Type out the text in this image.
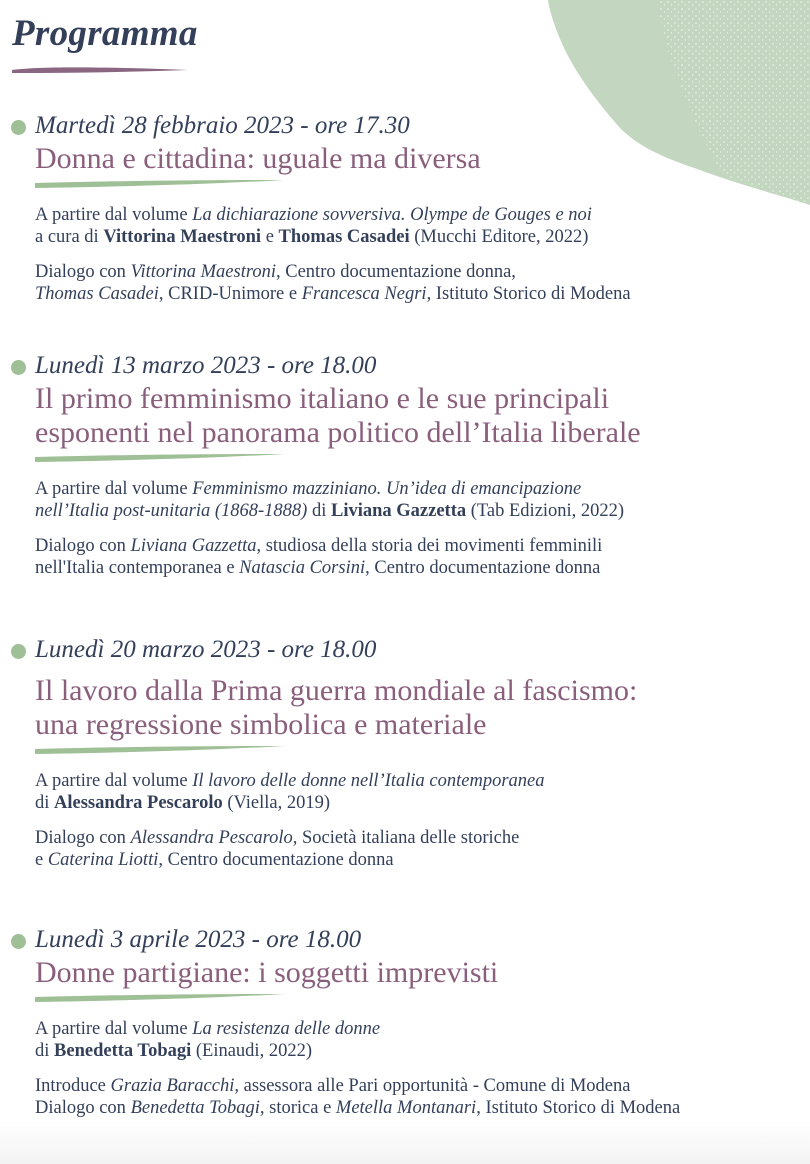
Programma
Martedì 28 febbraio 2023 - ore 17.30
Donna e cittadina: uguale ma diversa
A partire dal volume La dichiarazione sovversiva. Olympe de Gouges e noi
a cura di Vittorina Maestroni e Thomas Casadei (Mucchi Editore, 2022)
Dialogo con Vittorina Maestroni, Centro documentazione donna,
Thomas Casadei, CRID-Unimore e Francesca Negri, Istituto Storico di Modena
Lunedì 13 marzo 2023 - ore 18.00
Il primo femminismo italiano e le sue principali
esponenti nel panorama politico dell’Italia liberale
A partire dal volume Femminismo mazziniano. Un’idea di emancipazione
nell’Italia post-unitaria (1868-1888) di Liviana Gazzetta (Tab Edizioni, 2022)
Dialogo con Liviana Gazzetta, studiosa della storia dei movimenti femminili
nell'Italia contemporanea e Natascia Corsini, Centro documentazione donna
Lunedì 20 marzo 2023 - ore 18.00
Il lavoro dalla Prima guerra mondiale al fascismo:
una regressione simbolica e materiale
A partire dal volume Il lavoro delle donne nell’Italia contemporanea
di Alessandra Pescarolo (Viella, 2019)
Dialogo con Alessandra Pescarolo, Società italiana delle storiche
e Caterina Liotti, Centro documentazione donna
Lunedì 3 aprile 2023 - ore 18.00
Donne partigiane: i soggetti imprevisti
A partire dal volume La resistenza delle donne
di Benedetta Tobagi (Einaudi, 2022)
Introduce Grazia Baracchi, assessora alle Pari opportunità - Comune di Modena
Dialogo con Benedetta Tobagi, storica e Metella Montanari, Istituto Storico di Modena
